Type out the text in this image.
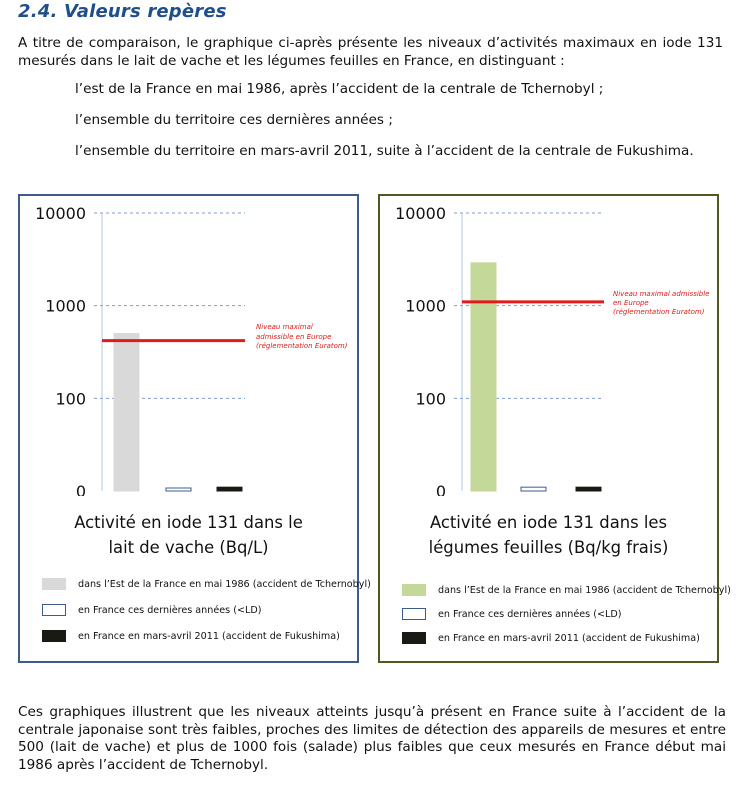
2.4. Valeurs repères

A titre de comparaison, le graphique ci-après présente les niveaux d’activités maximaux en iode 131 mesurés dans le lait de vache et les légumes feuilles en France, en distinguant :

l’est de la France en mai 1986, après l’accident de la centrale de Tchernobyl ;

l’ensemble du territoire ces dernières années ;

l’ensemble du territoire en mars-avril 2011, suite à l’accident de la centrale de Fukushima.

10000
1000
100
0
Niveau maximal
admissible en Europe
(réglementation Euratom)

Activité en iode 131 dans le
lait de vache (Bq/L)

dans l’Est de la France en mai 1986 (accident de Tchernobyl)
en France ces dernières années (<LD)
en France en mars-avril 2011 (accident de Fukushima)
10000
1000
100
0
Niveau maximal admissible
en Europe
(réglementation Euratom)

Activité en iode 131 dans les
légumes feuilles (Bq/kg frais)

dans l’Est de la France en mai 1986 (accident de Tchernobyl)
en France ces dernières années (<LD)
en France en mars-avril 2011 (accident de Fukushima)

Ces graphiques illustrent que les niveaux atteints jusqu’à présent en France suite à l’accident de la centrale japonaise sont très faibles, proches des limites de détection des appareils de mesures et entre 500 (lait de vache) et plus de 1000 fois (salade) plus faibles que ceux mesurés en France début mai 1986 après l’accident de Tchernobyl.
